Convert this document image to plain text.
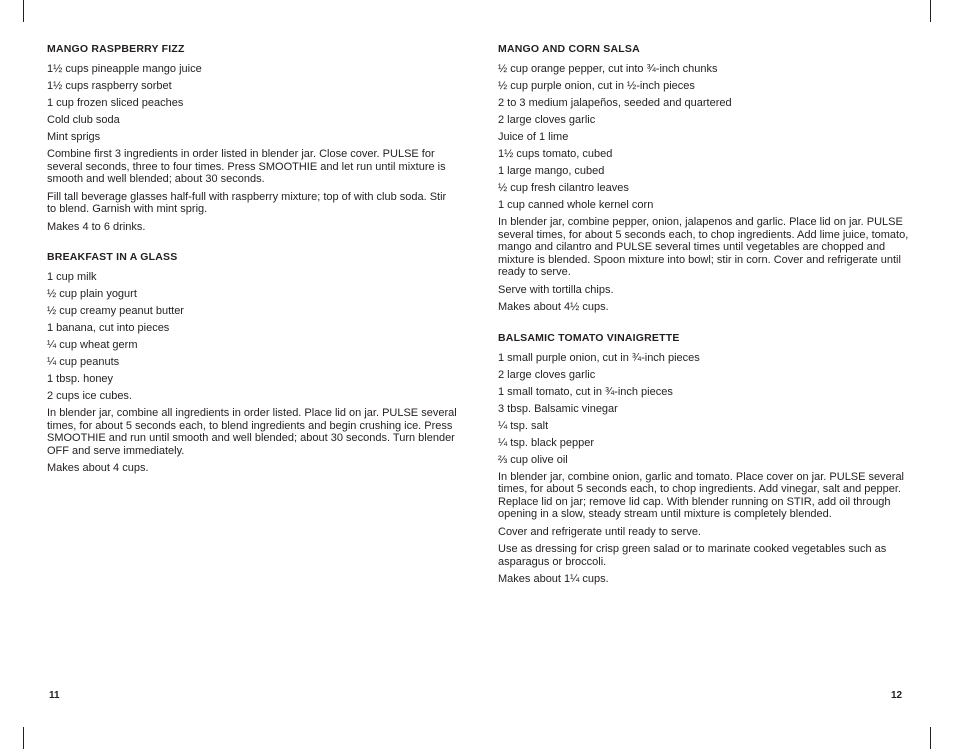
MANGO RASPBERRY FIZZ
1½ cups pineapple mango juice
1½ cups raspberry sorbet
1 cup frozen sliced peaches
Cold club soda
Mint sprigs
Combine first 3 ingredients in order listed in blender jar. Close cover. PULSE for several seconds, three to four times. Press SMOOTHIE and let run until mixture is smooth and well blended; about 30 seconds.
Fill tall beverage glasses half-full with raspberry mixture; top of with club soda. Stir to blend. Garnish with mint sprig.
Makes 4 to 6 drinks.
BREAKFAST IN A GLASS
1 cup milk
½ cup plain yogurt
½ cup creamy peanut butter
1 banana, cut into pieces
¼ cup wheat germ
¼ cup peanuts
1 tbsp. honey
2 cups ice cubes.
In blender jar, combine all ingredients in order listed. Place lid on jar. PULSE several times, for about 5 seconds each, to blend ingredients and begin crushing ice. Press SMOOTHIE and run until smooth and well blended; about 30 seconds. Turn blender OFF and serve immediately.
Makes about 4 cups.
MANGO AND CORN SALSA
½ cup orange pepper, cut into ¾-inch chunks
½ cup purple onion, cut in ½-inch pieces
2 to 3 medium jalapeños, seeded and quartered
2 large cloves garlic
Juice of 1 lime
1½ cups tomato, cubed
1 large mango, cubed
½ cup fresh cilantro leaves
1 cup canned whole kernel corn
In blender jar, combine pepper, onion, jalapenos and garlic. Place lid on jar. PULSE several times, for about 5 seconds each, to chop ingredients. Add lime juice, tomato, mango and cilantro and PULSE several times until vegetables are chopped and mixture is blended. Spoon mixture into bowl; stir in corn. Cover and refrigerate until ready to serve.
Serve with tortilla chips.
Makes about 4½ cups.
BALSAMIC TOMATO VINAIGRETTE
1 small purple onion, cut in ¾-inch pieces
2 large cloves garlic
1 small tomato, cut in ¾-inch pieces
3 tbsp. Balsamic vinegar
¼ tsp. salt
¼ tsp. black pepper
⅔ cup olive oil
In blender jar, combine onion, garlic and tomato. Place cover on jar. PULSE several times, for about 5 seconds each, to chop ingredients. Add vinegar, salt and pepper. Replace lid on jar; remove lid cap. With blender running on STIR, add oil through opening in a slow, steady stream until mixture is completely blended.
Cover and refrigerate until ready to serve.
Use as dressing for crisp green salad or to marinate cooked vegetables such as asparagus or broccoli.
Makes about 1¼ cups.
11	12
